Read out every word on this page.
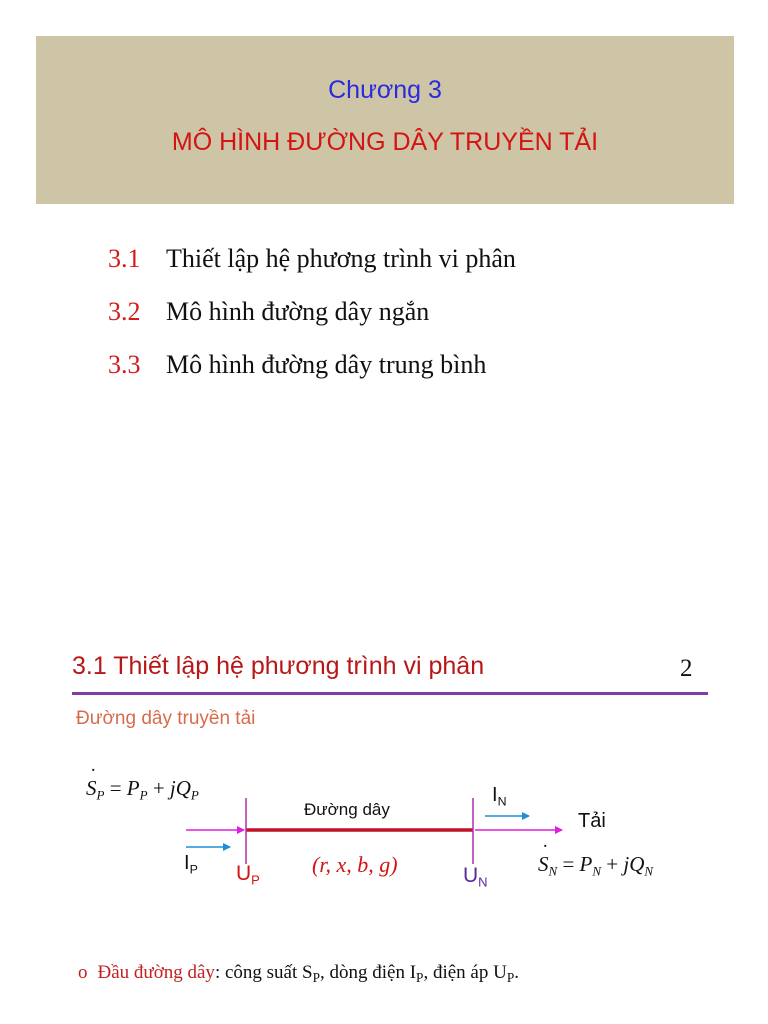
Chương 3
MÔ HÌNH ĐƯỜNG DÂY TRUYỀN TẢI
3.1 Thiết lập hệ phương trình vi phân
3.2 Mô hình đường dây ngắn
3.3 Mô hình đường dây trung bình
3.1 Thiết lập hệ phương trình vi phân	2
Đường dây truyền tải
˙ $S_P = P_P + jQ_P$
Đường dây
(r, x, b, g)
$I_P$ $U_P$
$I_N$
$U_N$
Tải
˙ $S_N = P_N + jQ_N$
o Đầu đường dây: công suất $S_P$, dòng điện $I_P$, điện áp $U_P$.
